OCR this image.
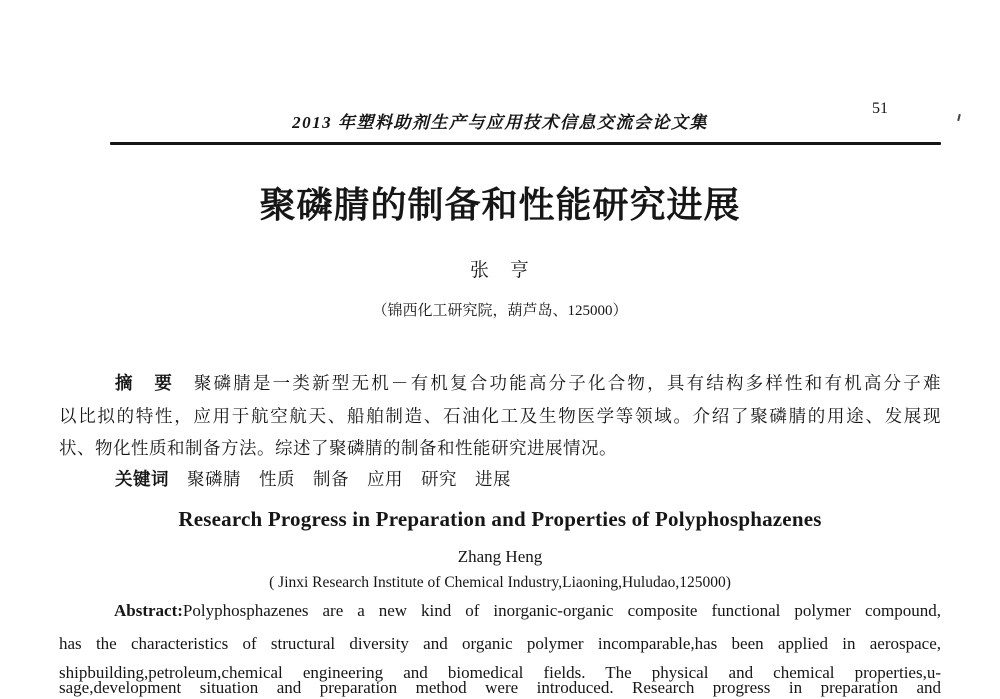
2013 年塑料助剂生产与应用技术信息交流会论文集
51
聚磷腈的制备和性能研究进展
张　亨
（锦西化工研究院，葫芦岛、125000）
摘　要　 聚磷腈是一类新型无机－有机复合功能高分子化合物，具有结构多样性和有机高分子难
以比拟的特性，应用于航空航天、船舶制造、石油化工及生物医学等领域。介绍了聚磷腈的用途、发展现
状、物化性质和制备方法。综述了聚磷腈的制备和性能研究进展情况。
关键词　 聚磷腈　性质　制备　应用　研究　进展
Research Progress in Preparation and Properties of Polyphosphazenes
Zhang Heng
( Jinxi Research Institute of Chemical Industry,Liaoning,Huludao,125000)
Abstract:Polyphosphazenes are a new kind of inorganic-organic composite functional polymer compound,
has the characteristics of structural diversity and organic polymer incomparable,has been applied in aerospace,
shipbuilding,petroleum,chemical engineering and biomedical fields. The physical and chemical properties,u-
sage,development situation and preparation method were introduced. Research progress in preparation and
